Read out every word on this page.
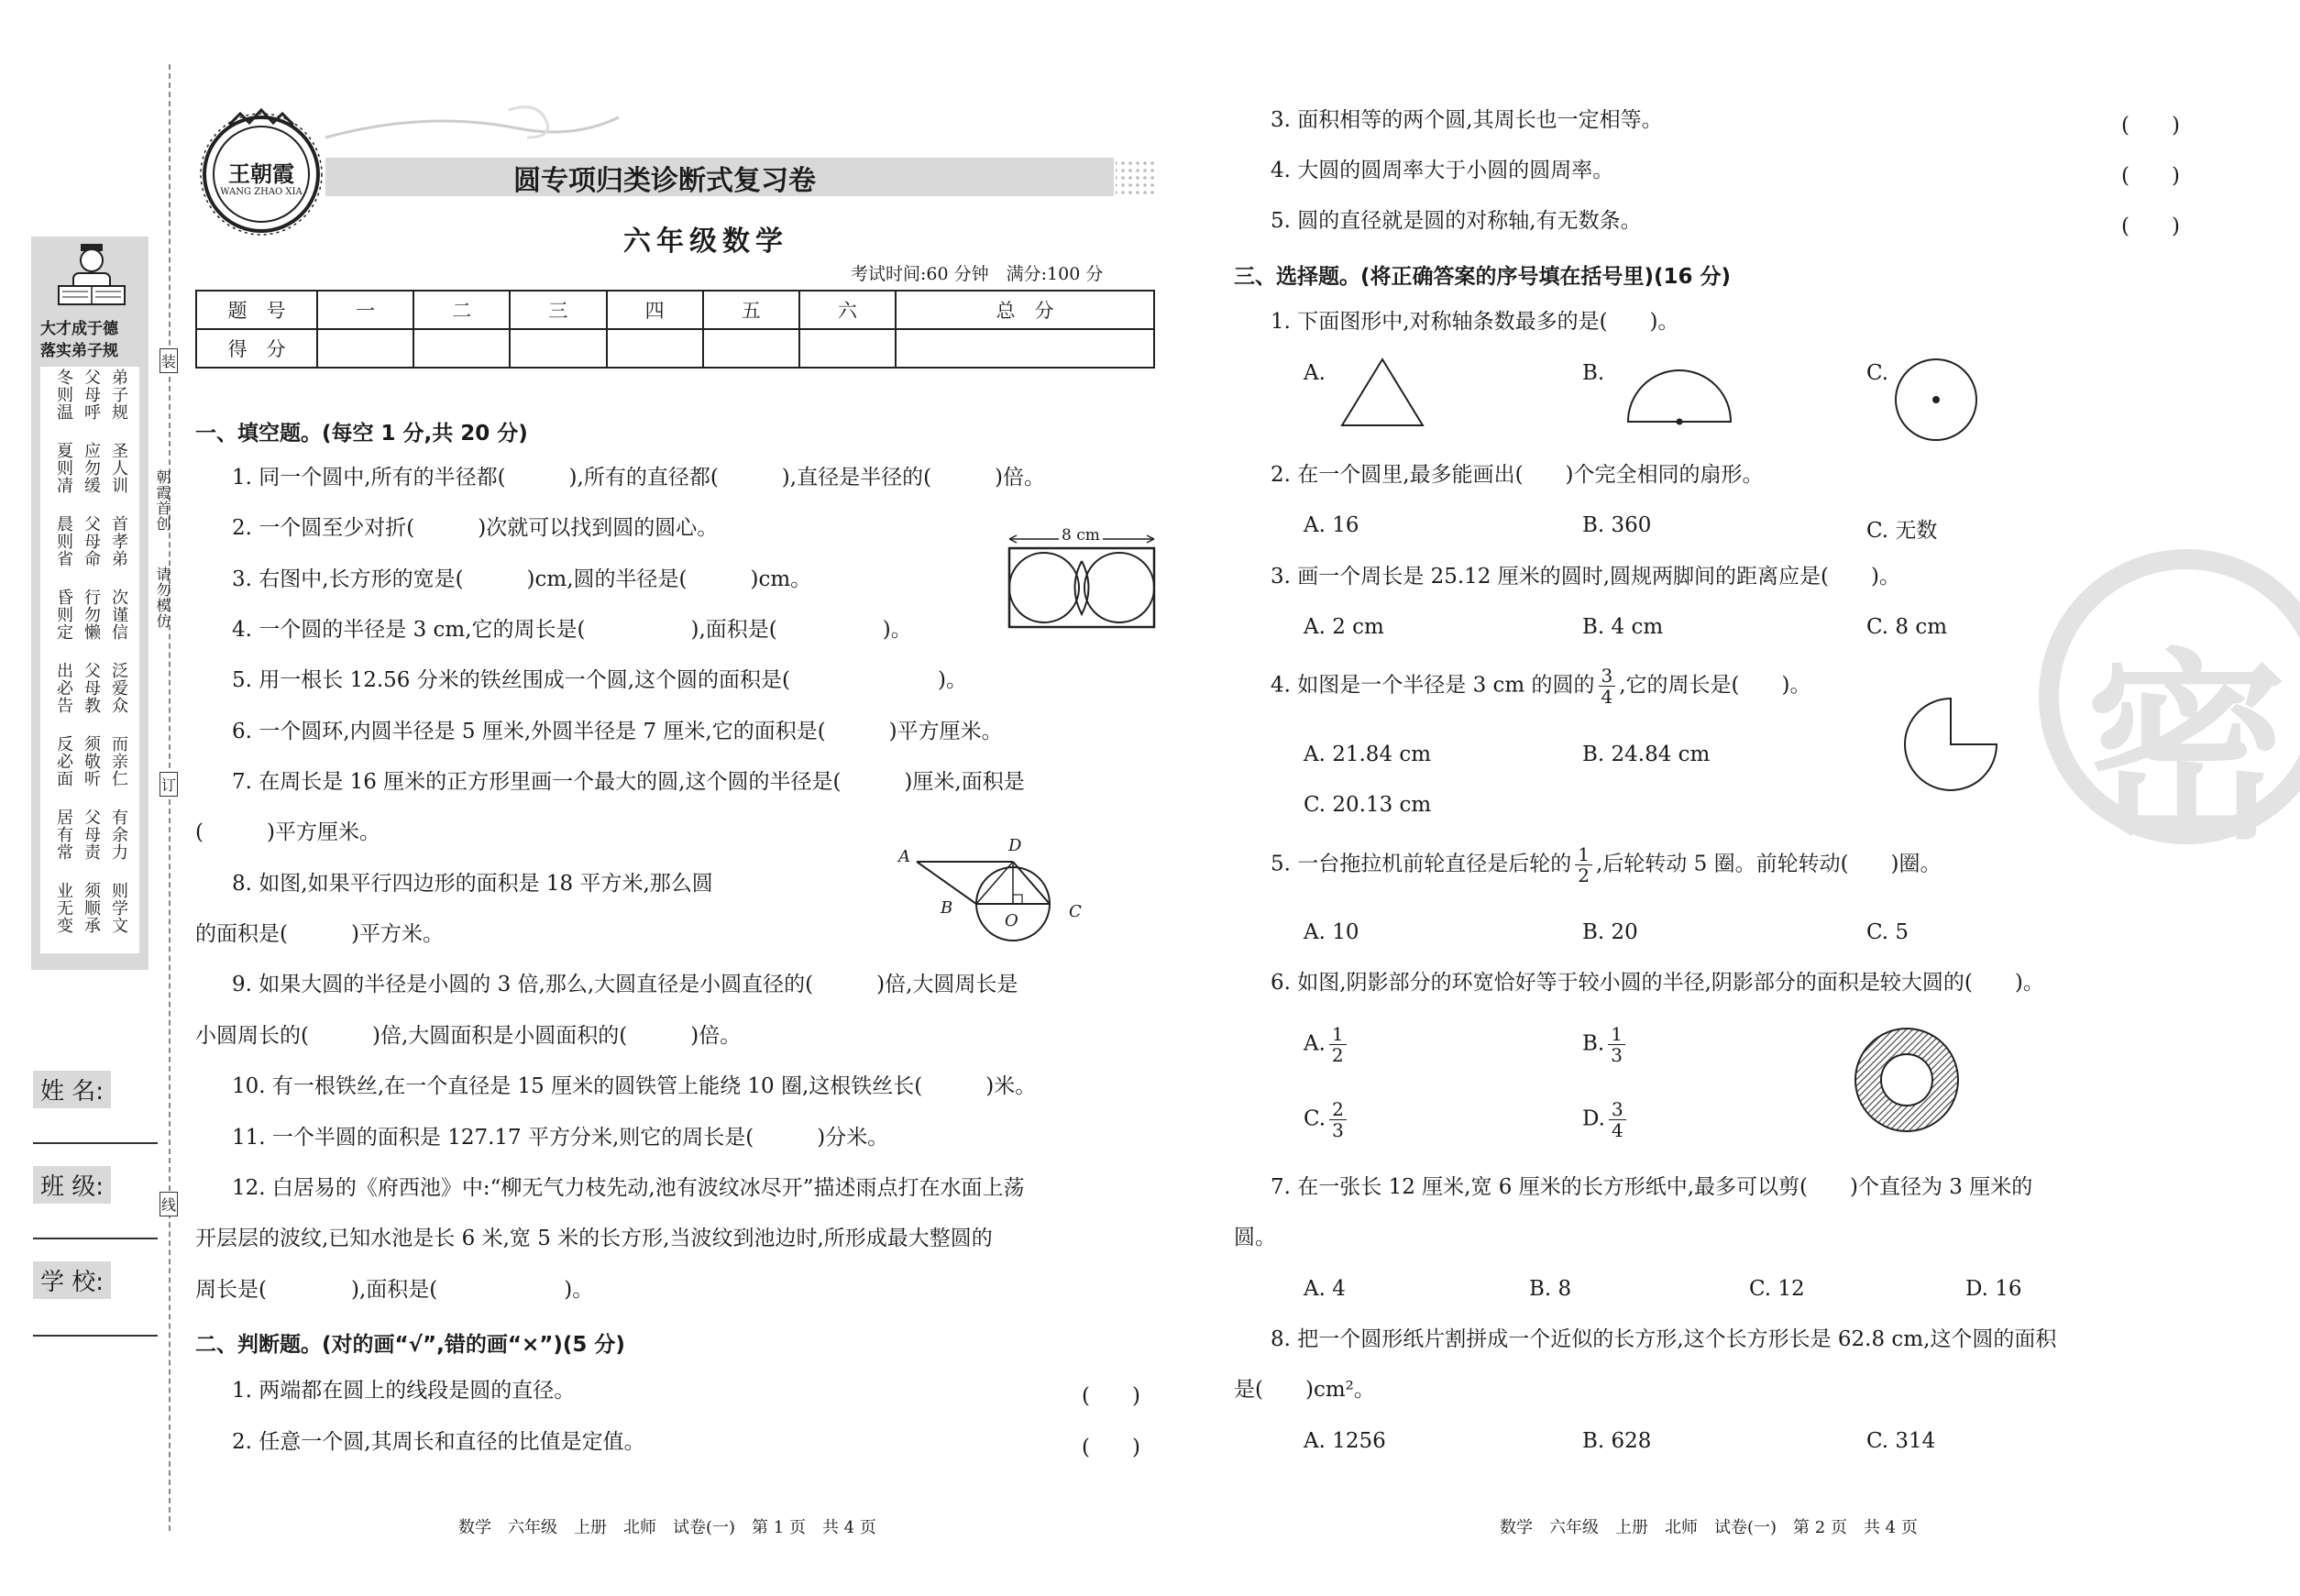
装
订
线
大才成于德
落实弟子规
弟子规
父母呼
冬则温
圣人训
应勿缓
夏则凊
首孝弟
父母命
晨则省
次谨信
行勿懒
昏则定
泛爱众
父母教
出必告
而亲仁
须敬听
反必面
有余力
父母责
居有常
则学文
须顺承
业无变
朝霞首创
请勿模仿
姓 名:
班 级:
学 校:
王朝霞
WANG ZHAO XIA	圆专项归类诊断式复习卷
六年级数学
考试时间:60 分钟　满分:100 分
题　号	一	二	三	四	五	六	总　分
得　分							
一、填空题。(每空 1 分,共 20 分)
1. 同一个圆中,所有的半径都(　　　),所有的直径都(　　　),直径是半径的(　　　)倍。
2. 一个圆至少对折(　　　)次就可以找到圆的圆心。
3. 右图中,长方形的宽是(　　　)cm,圆的半径是(　　　)cm。
4. 一个圆的半径是 3 cm,它的周长是(　　　　　),面积是(　　　　　)。
5. 用一根长 12.56 分米的铁丝围成一个圆,这个圆的面积是(　　　　　　　)。
6. 一个圆环,内圆半径是 5 厘米,外圆半径是 7 厘米,它的面积是(　　　)平方厘米。
7. 在周长是 16 厘米的正方形里画一个最大的圆,这个圆的半径是(　　　)厘米,面积是
(　　　)平方厘米。
8. 如图,如果平行四边形的面积是 18 平方米,那么圆
的面积是(　　　)平方米。
9. 如果大圆的半径是小圆的 3 倍,那么,大圆直径是小圆直径的(　　　)倍,大圆周长是
小圆周长的(　　　)倍,大圆面积是小圆面积的(　　　)倍。
10. 有一根铁丝,在一个直径是 15 厘米的圆铁管上能绕 10 圈,这根铁丝长(　　　)米。
11. 一个半圆的面积是 127.17 平方分米,则它的周长是(　　　)分米。
12. 白居易的《府西池》中:“柳无气力枝先动,池有波纹冰尽开”描述雨点打在水面上荡
开层层的波纹,已知水池是长 6 米,宽 5 米的长方形,当波纹到池边时,所形成最大整圆的
周长是(　　　　),面积是(　　　　　　)。
8 cm
A
D
B
O	C
二、判断题。(对的画“√”,错的画“×”)(5 分)
1. 两端都在圆上的线段是圆的直径。	(　　)
2. 任意一个圆,其周长和直径的比值是定值。	(　　)
3. 面积相等的两个圆,其周长也一定相等。	(　　)
4. 大圆的圆周率大于小圆的圆周率。	(　　)
5. 圆的直径就是圆的对称轴,有无数条。	(　　)
密
三、选择题。(将正确答案的序号填在括号里)(16 分)
1. 下面图形中,对称轴条数最多的是(　　)。
A.	B.	C.
2. 在一个圆里,最多能画出(　　)个完全相同的扇形。
A. 16	B. 360	C. 无数
3. 画一个周长是 25.12 厘米的圆时,圆规两脚间的距离应是(　　)。
A. 2 cm	B. 4 cm	C. 8 cm
4. 如图是一个半径是 3 cm 的圆的 $\frac{3}{4}$ ,它的周长是(　　)。
A. 21.84 cm	B. 24.84 cm
C. 20.13 cm
5. 一台拖拉机前轮直径是后轮的 $\frac{1}{2}$ ,后轮转动 5 圈。前轮转动(　　)圈。
A. 10	B. 20	C. 5
6. 如图,阴影部分的环宽恰好等于较小圆的半径,阴影部分的面积是较大圆的(　　)。
A. $\frac{1}{2}$	B. $\frac{1}{3}$
C. $\frac{2}{3}$	D. $\frac{3}{4}$
7. 在一张长 12 厘米,宽 6 厘米的长方形纸中,最多可以剪(　　)个直径为 3 厘米的
圆。
A. 4	B. 8	C. 12	D. 16
8. 把一个圆形纸片割拼成一个近似的长方形,这个长方形长是 62.8 cm,这个圆的面积
是(　　)cm²。
A. 1256	B. 628	C. 314
数学　六年级　上册　北师　试卷(一)　第 1 页　共 4 页	数学　六年级　上册　北师　试卷(一)　第 2 页　共 4 页
